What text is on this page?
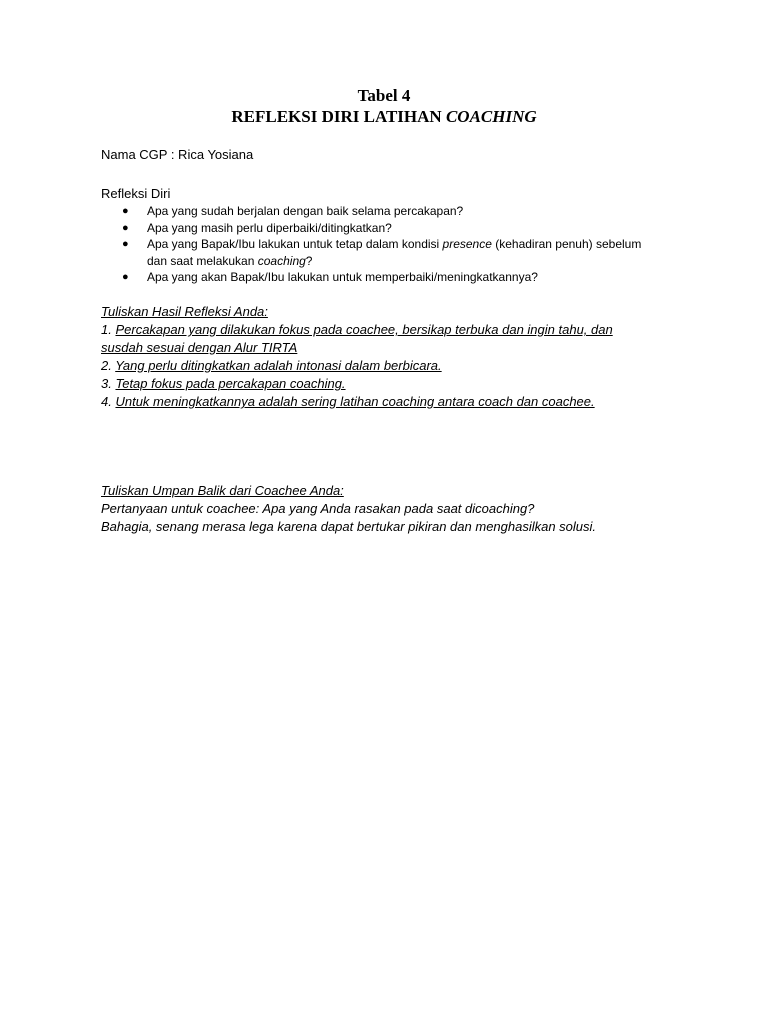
Tabel 4
REFLEKSI DIRI LATIHAN COACHING
Nama CGP : Rica Yosiana
Refleksi Diri
● Apa yang sudah berjalan dengan baik selama percakapan?
● Apa yang masih perlu diperbaiki/ditingkatkan?
● Apa yang Bapak/Ibu lakukan untuk tetap dalam kondisi presence (kehadiran penuh) sebelum dan saat melakukan coaching?
● Apa yang akan Bapak/Ibu lakukan untuk memperbaiki/meningkatkannya?
Tuliskan Hasil Refleksi Anda:
1. Percakapan yang dilakukan fokus pada coachee, bersikap terbuka dan ingin tahu, dan
susdah sesuai dengan Alur TIRTA
2. Yang perlu ditingkatkan adalah intonasi dalam berbicara.
3. Tetap fokus pada percakapan coaching.
4. Untuk meningkatkannya adalah sering latihan coaching antara coach dan coachee.
Tuliskan Umpan Balik dari Coachee Anda:
Pertanyaan untuk coachee: Apa yang Anda rasakan pada saat dicoaching?
Bahagia, senang merasa lega karena dapat bertukar pikiran dan menghasilkan solusi.
